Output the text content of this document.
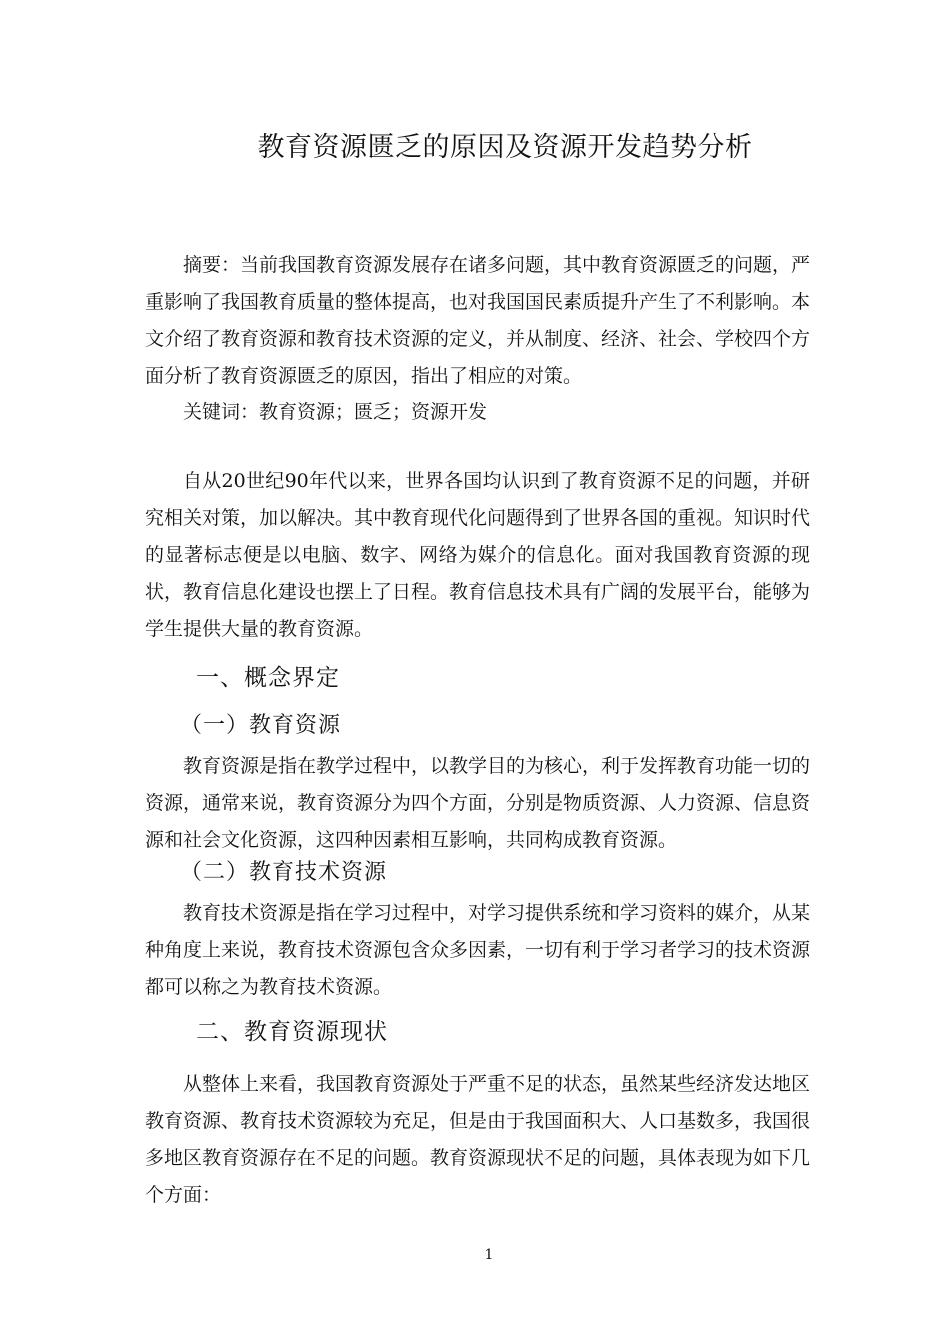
教育资源匮乏的原因及资源开发趋势分析
摘要：当前我国教育资源发展存在诸多问题，其中教育资源匮乏的问题，严重影响了我国教育质量的整体提高，也对我国国民素质提升产生了不利影响。本文介绍了教育资源和教育技术资源的定义，并从制度、经济、社会、学校四个方面分析了教育资源匮乏的原因，指出了相应的对策。
关键词：教育资源；匮乏；资源开发
自从20世纪90年代以来，世界各国均认识到了教育资源不足的问题，并研究相关对策，加以解决。其中教育现代化问题得到了世界各国的重视。知识时代的显著标志便是以电脑、数字、网络为媒介的信息化。面对我国教育资源的现状，教育信息化建设也摆上了日程。教育信息技术具有广阔的发展平台，能够为学生提供大量的教育资源。
一、概念界定
（一）教育资源
教育资源是指在教学过程中，以教学目的为核心，利于发挥教育功能一切的资源，通常来说，教育资源分为四个方面，分别是物质资源、人力资源、信息资源和社会文化资源，这四种因素相互影响，共同构成教育资源。
（二）教育技术资源
教育技术资源是指在学习过程中，对学习提供系统和学习资料的媒介，从某种角度上来说，教育技术资源包含众多因素，一切有利于学习者学习的技术资源都可以称之为教育技术资源。
二、教育资源现状
从整体上来看，我国教育资源处于严重不足的状态，虽然某些经济发达地区教育资源、教育技术资源较为充足，但是由于我国面积大、人口基数多，我国很多地区教育资源存在不足的问题。教育资源现状不足的问题，具体表现为如下几个方面：
1
